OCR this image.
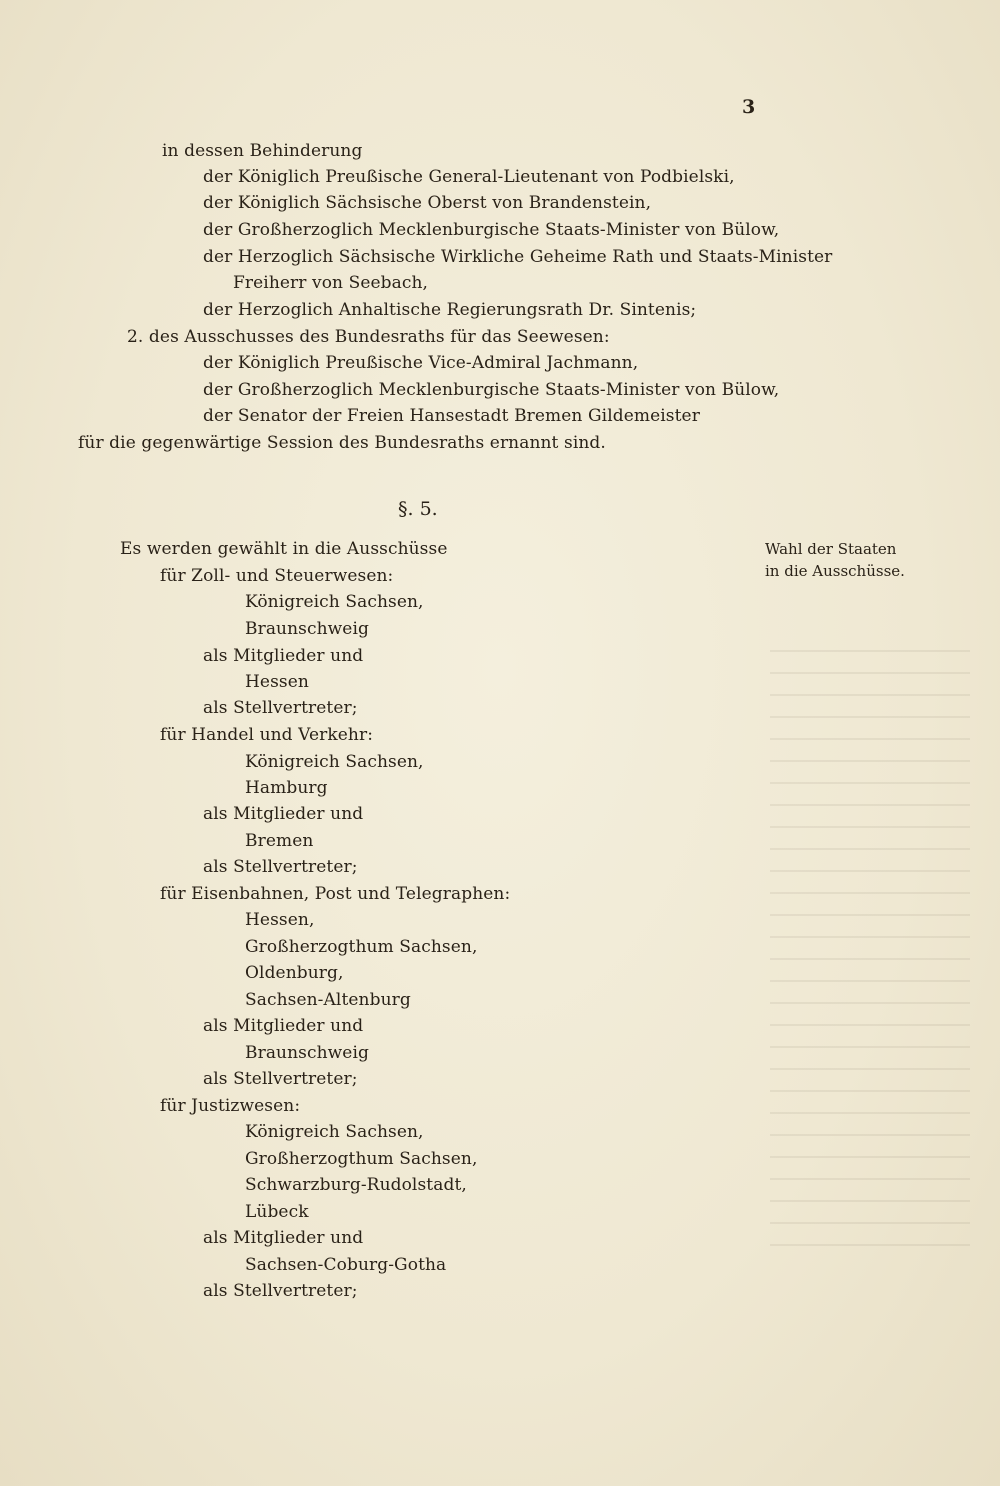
3
in dessen Behinderung
der Königlich Preußische General-Lieutenant von Podbielski,
der Königlich Sächsische Oberst von Brandenstein,
der Großherzoglich Mecklenburgische Staats-Minister von Bülow,
der Herzoglich Sächsische Wirkliche Geheime Rath und Staats-Minister
Freiherr von Seebach,
der Herzoglich Anhaltische Regierungsrath Dr. Sintenis;
2. des Ausschusses des Bundesraths für das Seewesen:
der Königlich Preußische Vice-Admiral Jachmann,
der Großherzoglich Mecklenburgische Staats-Minister von Bülow,
der Senator der Freien Hansestadt Bremen Gildemeister
für die gegenwärtige Session des Bundesraths ernannt sind.
§. 5.
Wahl der Staaten
in die Ausschüsse.
Es werden gewählt in die Ausschüsse
für Zoll- und Steuerwesen:
Königreich Sachsen,
Braunschweig
als Mitglieder und
Hessen
als Stellvertreter;
für Handel und Verkehr:
Königreich Sachsen,
Hamburg
als Mitglieder und
Bremen
als Stellvertreter;
für Eisenbahnen, Post und Telegraphen:
Hessen,
Großherzogthum Sachsen,
Oldenburg,
Sachsen-Altenburg
als Mitglieder und
Braunschweig
als Stellvertreter;
für Justizwesen:
Königreich Sachsen,
Großherzogthum Sachsen,
Schwarzburg-Rudolstadt,
Lübeck
als Mitglieder und
Sachsen-Coburg-Gotha
als Stellvertreter;
